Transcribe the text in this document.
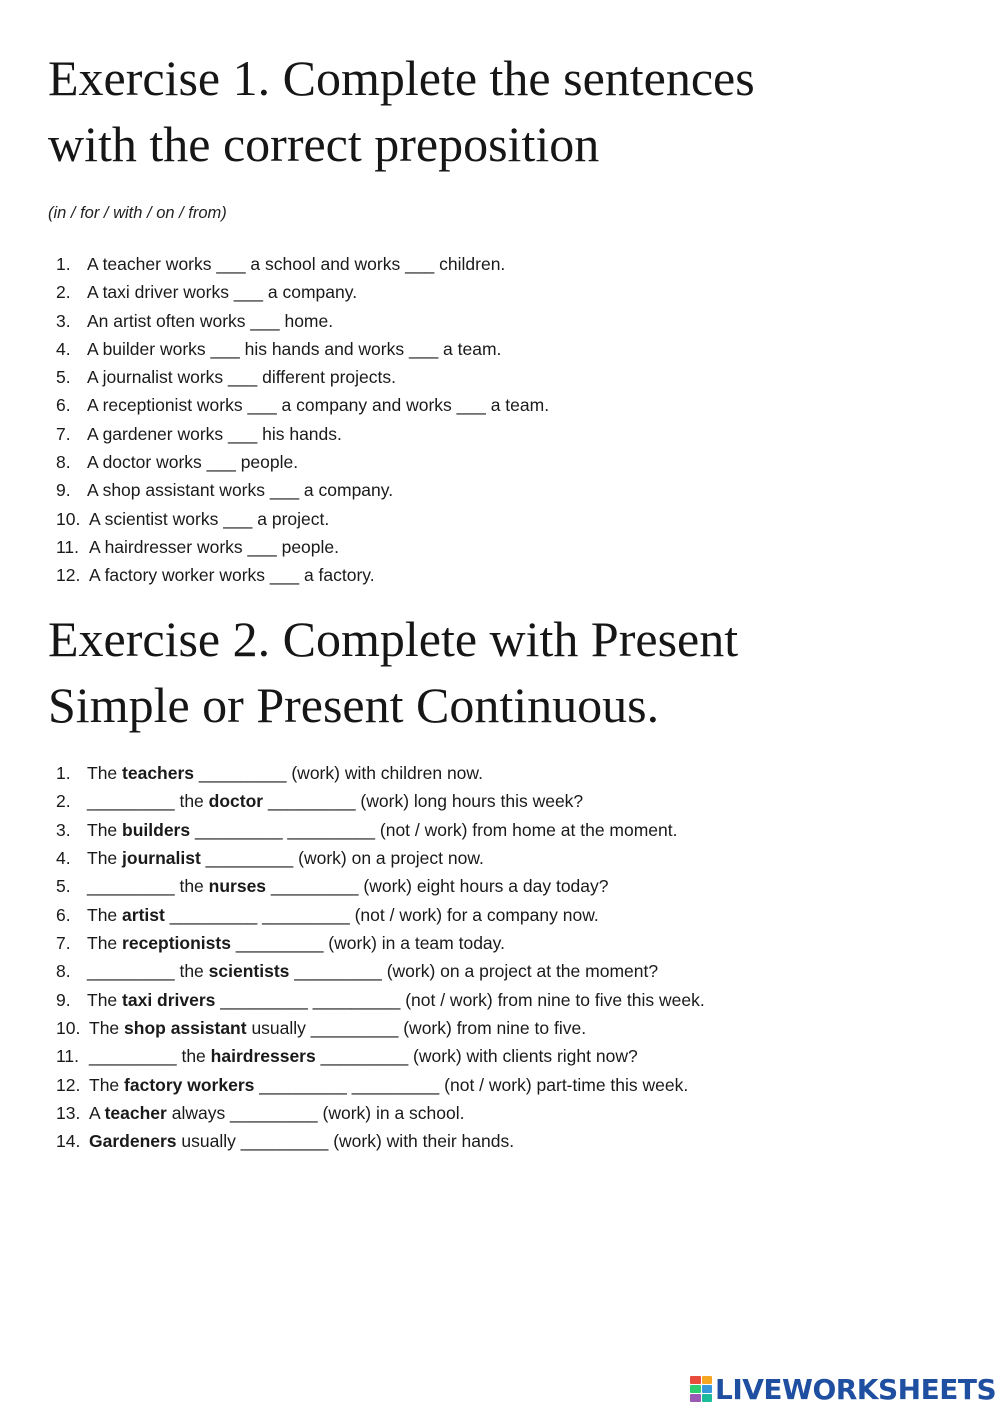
Exercise 1. Complete the sentences
with the correct preposition
(in / for / with / on / from)
1. A teacher works ___ a school and works ___ children.
2. A taxi driver works ___ a company.
3. An artist often works ___ home.
4. A builder works ___ his hands and works ___ a team.
5. A journalist works ___ different projects.
6. A receptionist works ___ a company and works ___ a team.
7. A gardener works ___ his hands.
8. A doctor works ___ people.
9. A shop assistant works ___ a company.
10. A scientist works ___ a project.
11. A hairdresser works ___ people.
12. A factory worker works ___ a factory.
Exercise 2. Complete with Present
Simple or Present Continuous.
1. The teachers _________ (work) with children now.
2. _________ the doctor _________ (work) long hours this week?
3. The builders _________ _________ (not / work) from home at the moment.
4. The journalist _________ (work) on a project now.
5. _________ the nurses _________ (work) eight hours a day today?
6. The artist _________ _________ (not / work) for a company now.
7. The receptionists _________ (work) in a team today.
8. _________ the scientists _________ (work) on a project at the moment?
9. The taxi drivers _________ _________ (not / work) from nine to five this week.
10. The shop assistant usually _________ (work) from nine to five.
11. _________ the hairdressers _________ (work) with clients right now?
12. The factory workers _________ _________ (not / work) part-time this week.
13. A teacher always _________ (work) in a school.
14. Gardeners usually _________ (work) with their hands.
LIVEWORKSHEETS
